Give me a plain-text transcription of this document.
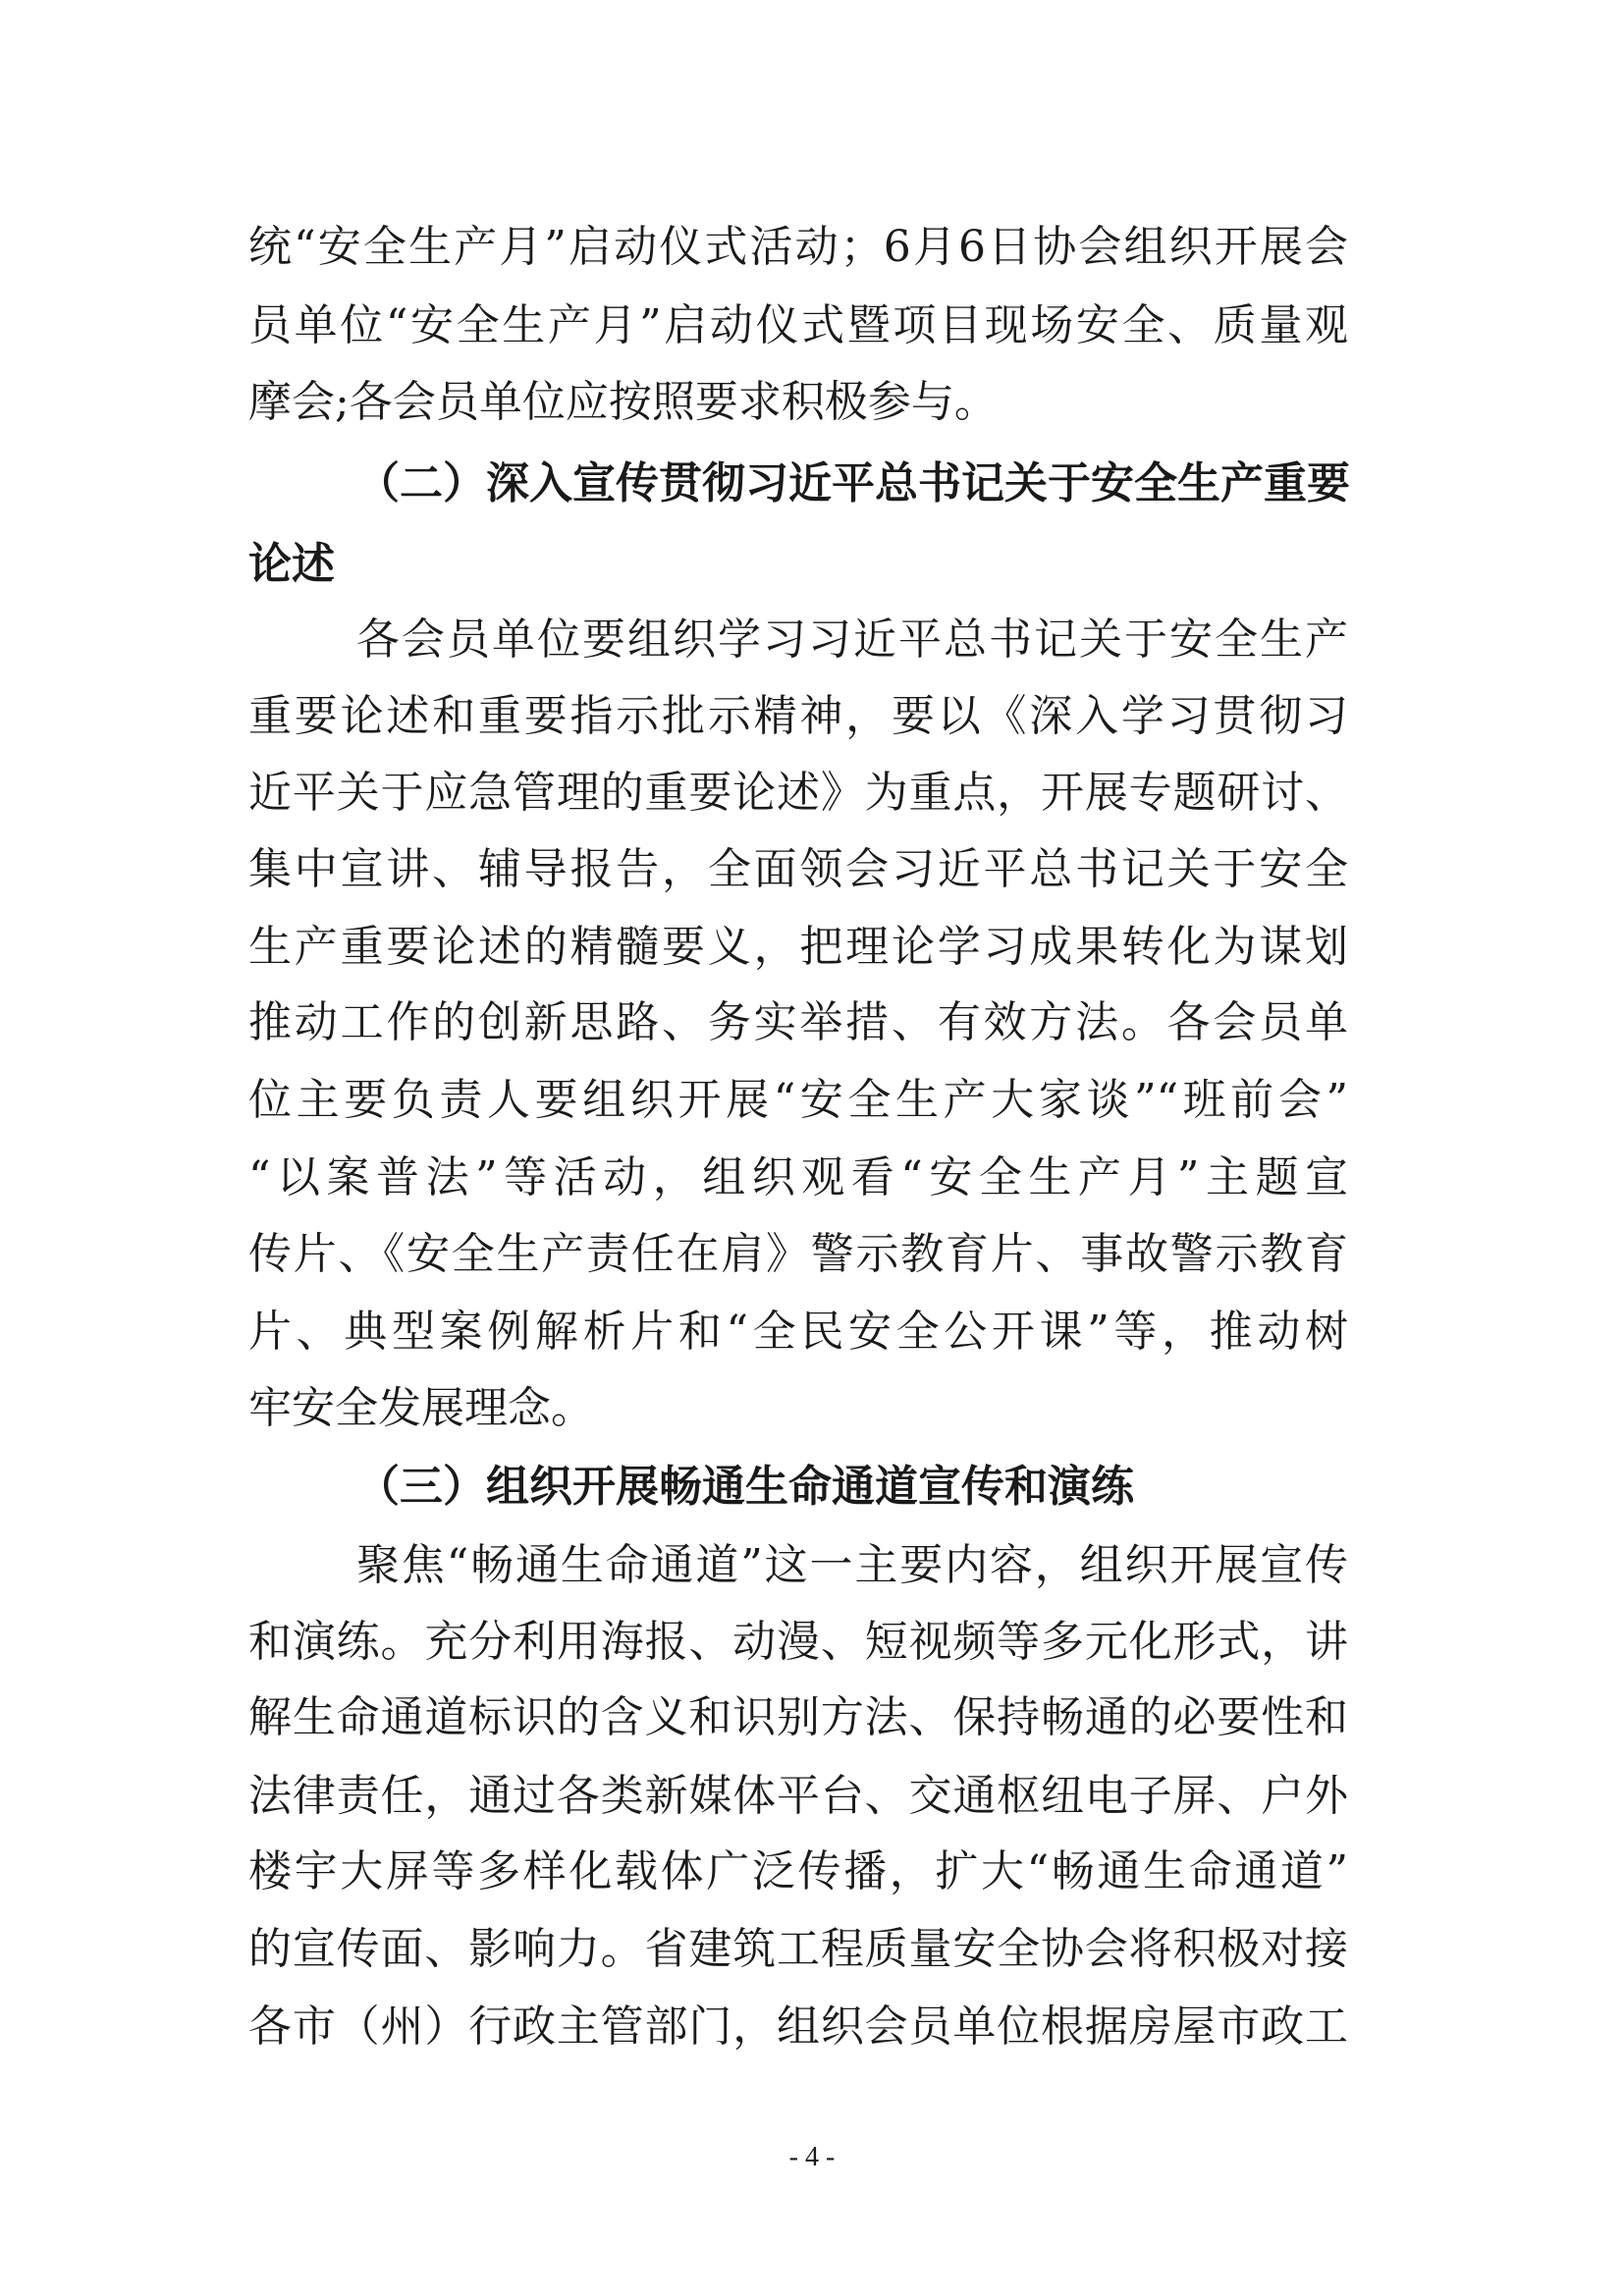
统“安全生产月”启动仪式活动；6月6日协会组织开展会
员单位“安全生产月”启动仪式暨项目现场安全、质量观
摩会;各会员单位应按照要求积极参与。
（二）深入宣传贯彻习近平总书记关于安全生产重要
论述
各会员单位要组织学习习近平总书记关于安全生产
重要论述和重要指示批示精神，要以《深入学习贯彻习
近平关于应急管理的重要论述》为重点，开展专题研讨、
集中宣讲、辅导报告，全面领会习近平总书记关于安全
生产重要论述的精髓要义，把理论学习成果转化为谋划
推动工作的创新思路、务实举措、有效方法。各会员单
位主要负责人要组织开展“安全生产大家谈”“班前会”
“以案普法”等活动，组织观看“安全生产月”主题宣
传片、《安全生产责任在肩》警示教育片、事故警示教育
片、典型案例解析片和“全民安全公开课”等，推动树
牢安全发展理念。
（三）组织开展畅通生命通道宣传和演练
聚焦“畅通生命通道”这一主要内容，组织开展宣传
和演练。充分利用海报、动漫、短视频等多元化形式，讲
解生命通道标识的含义和识别方法、保持畅通的必要性和
法律责任，通过各类新媒体平台、交通枢纽电子屏、户外
楼宇大屏等多样化载体广泛传播，扩大“畅通生命通道”
的宣传面、影响力。省建筑工程质量安全协会将积极对接
各市（州）行政主管部门，组织会员单位根据房屋市政工
- 4 -
